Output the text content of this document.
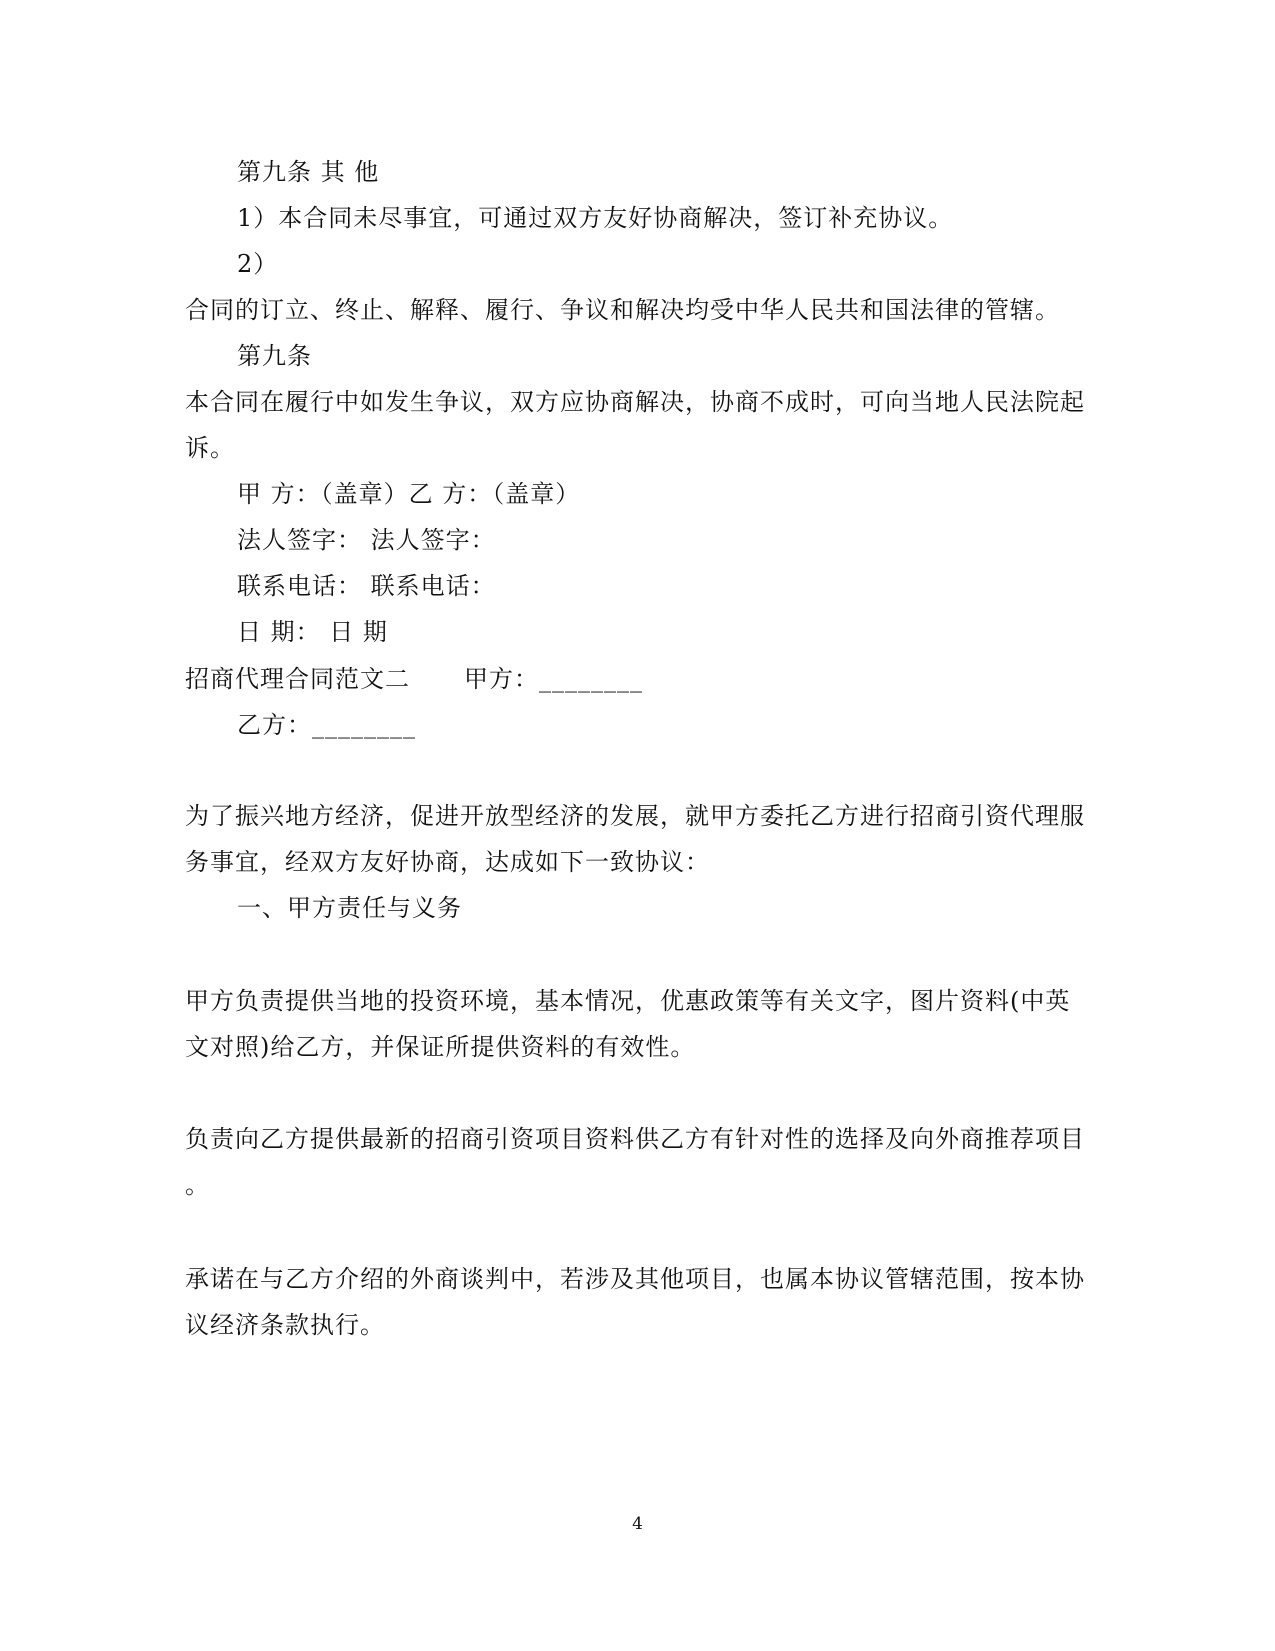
第九条 其 他
1）本合同未尽事宜，可通过双方友好协商解决，签订补充协议。
2）
合同的订立、终止、解释、履行、争议和解决均受中华人民共和国法律的管辖。
第九条
本合同在履行中如发生争议，双方应协商解决，协商不成时，可向当地人民法院起
诉。
甲 方：（盖章）乙 方：（盖章）
法人签字： 法人签字：
联系电话： 联系电话：
日 期： 日 期
招商代理合同范文二 甲方：________
乙方：________
为了振兴地方经济，促进开放型经济的发展，就甲方委托乙方进行招商引资代理服
务事宜，经双方友好协商，达成如下一致协议：
一、甲方责任与义务
甲方负责提供当地的投资环境，基本情况，优惠政策等有关文字，图片资料(中英
文对照)给乙方，并保证所提供资料的有效性。
负责向乙方提供最新的招商引资项目资料供乙方有针对性的选择及向外商推荐项目
。
承诺在与乙方介绍的外商谈判中，若涉及其他项目，也属本协议管辖范围，按本协
议经济条款执行。
4
